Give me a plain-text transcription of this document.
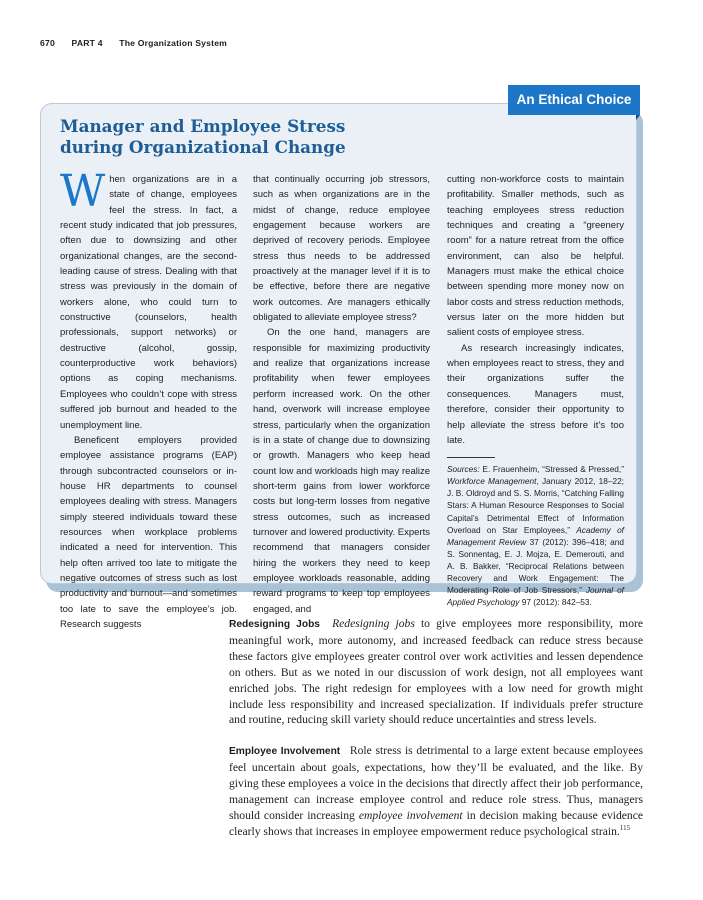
670 PART 4 The Organization System
An Ethical Choice
Manager and Employee Stress during Organizational Change

When organizations are in a state of change, employees feel the stress. In fact, a recent study indicated that job pressures, often due to downsizing and other organizational changes, are the second-leading cause of stress. Dealing with that stress was previously in the domain of workers alone, who could turn to constructive (counselors, health professionals, support networks) or destructive (alcohol, gossip, counterproductive work behaviors) options as coping mechanisms. Employees who couldn’t cope with stress suffered job burnout and headed to the unemployment line.

Beneficent employers provided employee assistance programs (EAP) through subcontracted counselors or in-house HR departments to counsel employees dealing with stress. Managers simply steered individuals toward these resources when workplace problems indicated a need for intervention. This help often arrived too late to mitigate the negative outcomes of stress such as lost productivity and burnout—and sometimes too late to save the employee’s job. Research suggests

that continually occurring job stressors, such as when organizations are in the midst of change, reduce employee engagement because workers are deprived of recovery periods. Employee stress thus needs to be addressed proactively at the manager level if it is to be effective, before there are negative work outcomes. Are managers ethically obligated to alleviate employee stress?

On the one hand, managers are responsible for maximizing productivity and realize that organizations increase profitability when fewer employees perform increased work. On the other hand, overwork will increase employee stress, particularly when the organization is in a state of change due to downsizing or growth. Managers who keep head count low and workloads high may realize short-term gains from lower workforce costs but long-term losses from negative stress outcomes, such as increased turnover and lowered productivity. Experts recommend that managers consider hiring the workers they need to keep employee workloads reasonable, adding reward programs to keep top employees engaged, and

cutting non-workforce costs to maintain profitability. Smaller methods, such as teaching employees stress reduction techniques and creating a “greenery room” for a nature retreat from the office environment, can also be helpful. Managers must make the ethical choice between spending more money now on labor costs and stress reduction methods, versus later on the more hidden but salient costs of employee stress.

As research increasingly indicates, when employees react to stress, they and their organizations suffer the consequences. Managers must, therefore, consider their opportunity to help alleviate the stress before it’s too late.

Sources: E. Frauenheim, “Stressed & Pressed,” Workforce Management, January 2012, 18–22; J. B. Oldroyd and S. S. Morris, “Catching Falling Stars: A Human Resource Responses to Social Capital’s Detrimental Effect of Information Overload on Star Employees,” Academy of Management Review 37 (2012): 396–418; and S. Sonnentag, E. J. Mojza, E. Demerouti, and A. B. Bakker, “Reciprocal Relations between Recovery and Work Engagement: The Moderating Role of Job Stressors,” Journal of Applied Psychology 97 (2012): 842–53.

Redesigning Jobs Redesigning jobs to give employees more responsibility, more meaningful work, more autonomy, and increased feedback can reduce stress because these factors give employees greater control over work activities and lessen dependence on others. But as we noted in our discussion of work design, not all employees want enriched jobs. The right redesign for employees with a low need for growth might include less responsibility and increased specialization. If individuals prefer structure and routine, reducing skill variety should reduce uncertainties and stress levels.

Employee Involvement Role stress is detrimental to a large extent because employees feel uncertain about goals, expectations, how they’ll be evaluated, and the like. By giving these employees a voice in the decisions that directly affect their job performance, management can increase employee control and reduce role stress. Thus, managers should consider increasing employee involvement in decision making because evidence clearly shows that increases in employee empowerment reduce psychological strain.$^{115}$
